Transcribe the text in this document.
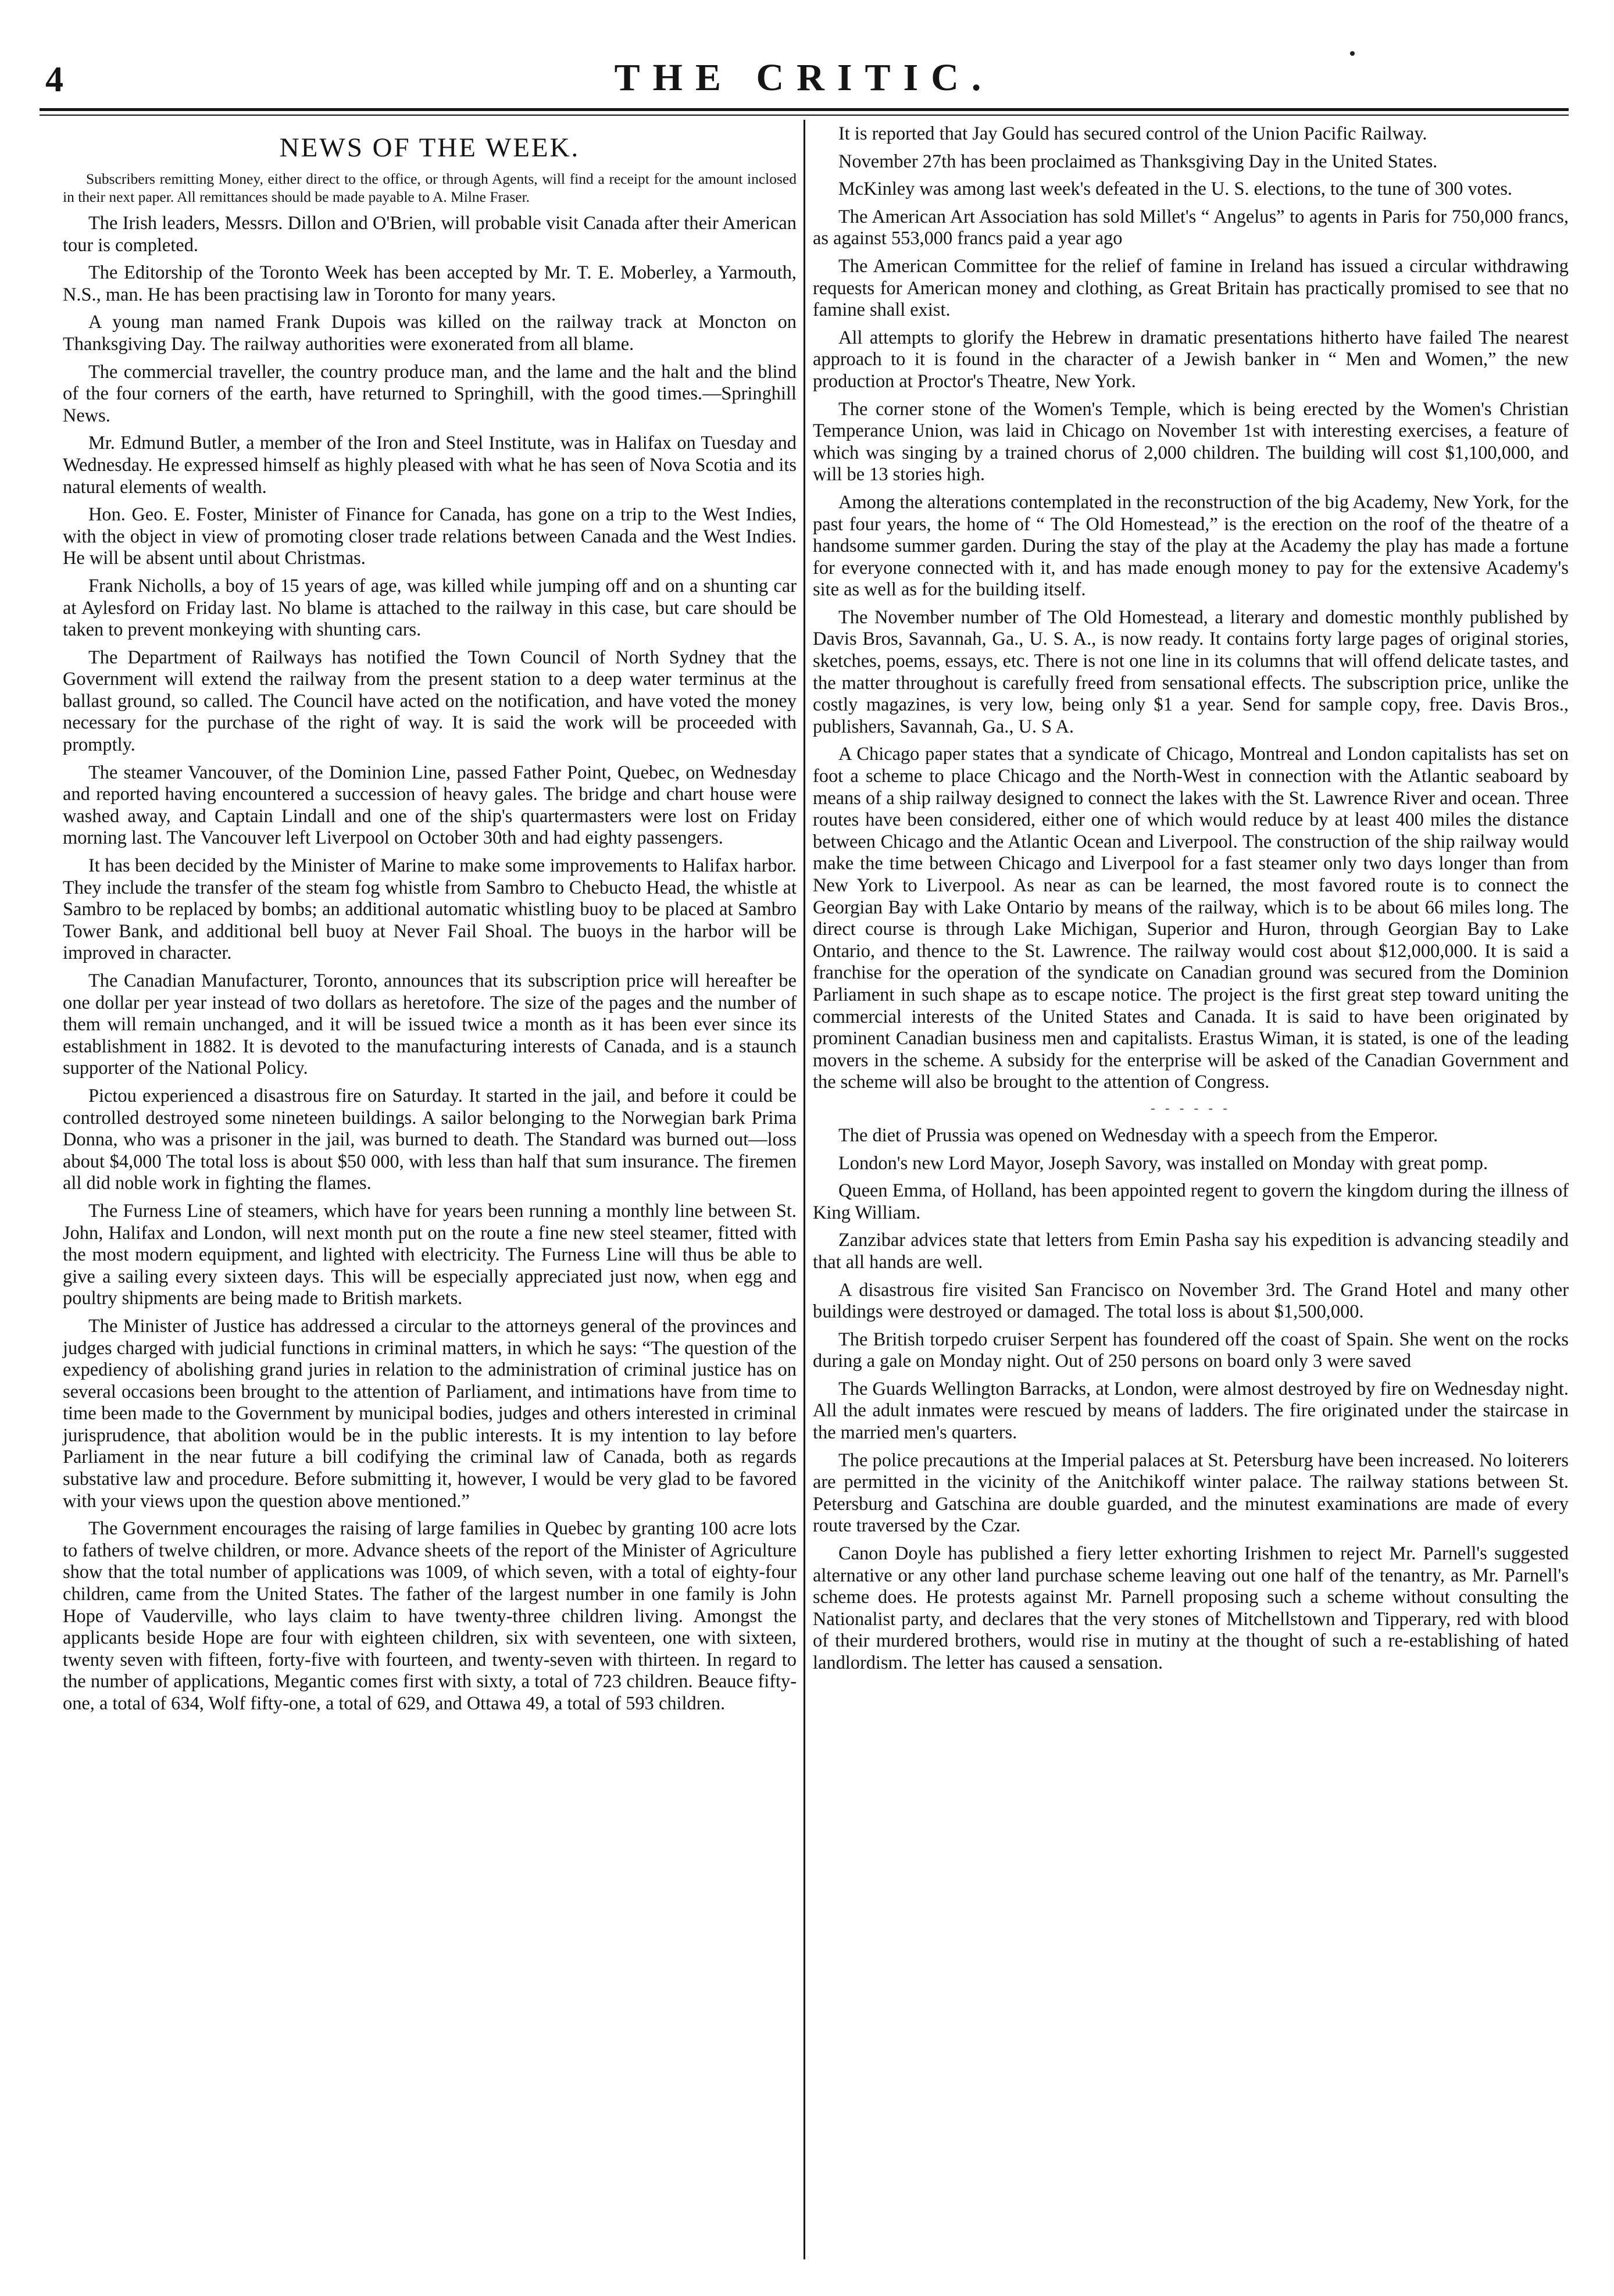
4	THE CRITIC.
NEWS OF THE WEEK.
Subscribers remitting Money, either direct to the office, or through Agents, will find a receipt for the amount inclosed in their next paper. All remittances should be made payable to A. Milne Fraser.

The Irish leaders, Messrs. Dillon and O'Brien, will probable visit Canada after their American tour is completed.

The Editorship of the Toronto Week has been accepted by Mr. T. E. Moberley, a Yarmouth, N.S., man. He has been practising law in Toronto for many years.

A young man named Frank Dupois was killed on the railway track at Moncton on Thanksgiving Day. The railway authorities were exonerated from all blame.

The commercial traveller, the country produce man, and the lame and the halt and the blind of the four corners of the earth, have returned to Springhill, with the good times.—Springhill News.

Mr. Edmund Butler, a member of the Iron and Steel Institute, was in Halifax on Tuesday and Wednesday. He expressed himself as highly pleased with what he has seen of Nova Scotia and its natural elements of wealth.

Hon. Geo. E. Foster, Minister of Finance for Canada, has gone on a trip to the West Indies, with the object in view of promoting closer trade relations between Canada and the West Indies. He will be absent until about Christmas.

Frank Nicholls, a boy of 15 years of age, was killed while jumping off and on a shunting car at Aylesford on Friday last. No blame is attached to the railway in this case, but care should be taken to prevent monkeying with shunting cars.

The Department of Railways has notified the Town Council of North Sydney that the Government will extend the railway from the present station to a deep water terminus at the ballast ground, so called. The Council have acted on the notification, and have voted the money necessary for the purchase of the right of way. It is said the work will be proceeded with promptly.

The steamer Vancouver, of the Dominion Line, passed Father Point, Quebec, on Wednesday and reported having encountered a succession of heavy gales. The bridge and chart house were washed away, and Captain Lindall and one of the ship's quartermasters were lost on Friday morning last. The Vancouver left Liverpool on October 30th and had eighty passengers.

It has been decided by the Minister of Marine to make some improvements to Halifax harbor. They include the transfer of the steam fog whistle from Sambro to Chebucto Head, the whistle at Sambro to be replaced by bombs; an additional automatic whistling buoy to be placed at Sambro Tower Bank, and additional bell buoy at Never Fail Shoal. The buoys in the harbor will be improved in character.

The Canadian Manufacturer, Toronto, announces that its subscription price will hereafter be one dollar per year instead of two dollars as heretofore. The size of the pages and the number of them will remain unchanged, and it will be issued twice a month as it has been ever since its establishment in 1882. It is devoted to the manufacturing interests of Canada, and is a staunch supporter of the National Policy.

Pictou experienced a disastrous fire on Saturday. It started in the jail, and before it could be controlled destroyed some nineteen buildings. A sailor belonging to the Norwegian bark Prima Donna, who was a prisoner in the jail, was burned to death. The Standard was burned out—loss about $4,000 The total loss is about $50 000, with less than half that sum insurance. The firemen all did noble work in fighting the flames.

The Furness Line of steamers, which have for years been running a monthly line between St. John, Halifax and London, will next month put on the route a fine new steel steamer, fitted with the most modern equipment, and lighted with electricity. The Furness Line will thus be able to give a sailing every sixteen days. This will be especially appreciated just now, when egg and poultry shipments are being made to British markets.

The Minister of Justice has addressed a circular to the attorneys general of the provinces and judges charged with judicial functions in criminal matters, in which he says: “The question of the expediency of abolishing grand juries in relation to the administration of criminal justice has on several occasions been brought to the attention of Parliament, and intimations have from time to time been made to the Government by municipal bodies, judges and others interested in criminal jurisprudence, that abolition would be in the public interests. It is my intention to lay before Parliament in the near future a bill codifying the criminal law of Canada, both as regards substative law and procedure. Before submitting it, however, I would be very glad to be favored with your views upon the question above mentioned.”

The Government encourages the raising of large families in Quebec by granting 100 acre lots to fathers of twelve children, or more. Advance sheets of the report of the Minister of Agriculture show that the total number of applications was 1009, of which seven, with a total of eighty-four children, came from the United States. The father of the largest number in one family is John Hope of Vauderville, who lays claim to have twenty-three children living. Amongst the applicants beside Hope are four with eighteen children, six with seventeen, one with sixteen, twenty seven with fifteen, forty-five with fourteen, and twenty-seven with thirteen. In regard to the number of applications, Megantic comes first with sixty, a total of 723 children. Beauce fifty-one, a total of 634, Wolf fifty-one, a total of 629, and Ottawa 49, a total of 593 children.

It is reported that Jay Gould has secured control of the Union Pacific Railway.

November 27th has been proclaimed as Thanksgiving Day in the United States.

McKinley was among last week's defeated in the U. S. elections, to the tune of 300 votes.

The American Art Association has sold Millet's “ Angelus” to agents in Paris for 750,000 francs, as against 553,000 francs paid a year ago

The American Committee for the relief of famine in Ireland has issued a circular withdrawing requests for American money and clothing, as Great Britain has practically promised to see that no famine shall exist.

All attempts to glorify the Hebrew in dramatic presentations hitherto have failed The nearest approach to it is found in the character of a Jewish banker in “ Men and Women,” the new production at Proctor's Theatre, New York.

The corner stone of the Women's Temple, which is being erected by the Women's Christian Temperance Union, was laid in Chicago on November 1st with interesting exercises, a feature of which was singing by a trained chorus of 2,000 children. The building will cost $1,100,000, and will be 13 stories high.

Among the alterations contemplated in the reconstruction of the big Academy, New York, for the past four years, the home of “ The Old Homestead,” is the erection on the roof of the theatre of a handsome summer garden. During the stay of the play at the Academy the play has made a fortune for everyone connected with it, and has made enough money to pay for the extensive Academy's site as well as for the building itself.

The November number of The Old Homestead, a literary and domestic monthly published by Davis Bros, Savannah, Ga., U. S. A., is now ready. It contains forty large pages of original stories, sketches, poems, essays, etc. There is not one line in its columns that will offend delicate tastes, and the matter throughout is carefully freed from sensational effects. The subscription price, unlike the costly magazines, is very low, being only $1 a year. Send for sample copy, free. Davis Bros., publishers, Savannah, Ga., U. S A.

A Chicago paper states that a syndicate of Chicago, Montreal and London capitalists has set on foot a scheme to place Chicago and the North-West in connection with the Atlantic seaboard by means of a ship railway designed to connect the lakes with the St. Lawrence River and ocean. Three routes have been considered, either one of which would reduce by at least 400 miles the distance between Chicago and the Atlantic Ocean and Liverpool. The construction of the ship railway would make the time between Chicago and Liverpool for a fast steamer only two days longer than from New York to Liverpool. As near as can be learned, the most favored route is to connect the Georgian Bay with Lake Ontario by means of the railway, which is to be about 66 miles long. The direct course is through Lake Michigan, Superior and Huron, through Georgian Bay to Lake Ontario, and thence to the St. Lawrence. The railway would cost about $12,000,000. It is said a franchise for the operation of the syndicate on Canadian ground was secured from the Dominion Parliament in such shape as to escape notice. The project is the first great step toward uniting the commercial interests of the United States and Canada. It is said to have been originated by prominent Canadian business men and capitalists. Erastus Wiman, it is stated, is one of the leading movers in the scheme. A subsidy for the enterprise will be asked of the Canadian Government and the scheme will also be brought to the attention of Congress.

- - - - - -

The diet of Prussia was opened on Wednesday with a speech from the Emperor.

London's new Lord Mayor, Joseph Savory, was installed on Monday with great pomp.

Queen Emma, of Holland, has been appointed regent to govern the kingdom during the illness of King William.

Zanzibar advices state that letters from Emin Pasha say his expedition is advancing steadily and that all hands are well.

A disastrous fire visited San Francisco on November 3rd. The Grand Hotel and many other buildings were destroyed or damaged. The total loss is about $1,500,000.

The British torpedo cruiser Serpent has foundered off the coast of Spain. She went on the rocks during a gale on Monday night. Out of 250 persons on board only 3 were saved

The Guards Wellington Barracks, at London, were almost destroyed by fire on Wednesday night. All the adult inmates were rescued by means of ladders. The fire originated under the staircase in the married men's quarters.

The police precautions at the Imperial palaces at St. Petersburg have been increased. No loiterers are permitted in the vicinity of the Anitchikoff winter palace. The railway stations between St. Petersburg and Gatschina are double guarded, and the minutest examinations are made of every route traversed by the Czar.

Canon Doyle has published a fiery letter exhorting Irishmen to reject Mr. Parnell's suggested alternative or any other land purchase scheme leaving out one half of the tenantry, as Mr. Parnell's scheme does. He protests against Mr. Parnell proposing such a scheme without consulting the Nationalist party, and declares that the very stones of Mitchellstown and Tipperary, red with blood of their murdered brothers, would rise in mutiny at the thought of such a re-establishing of hated landlordism. The letter has caused a sensation.
